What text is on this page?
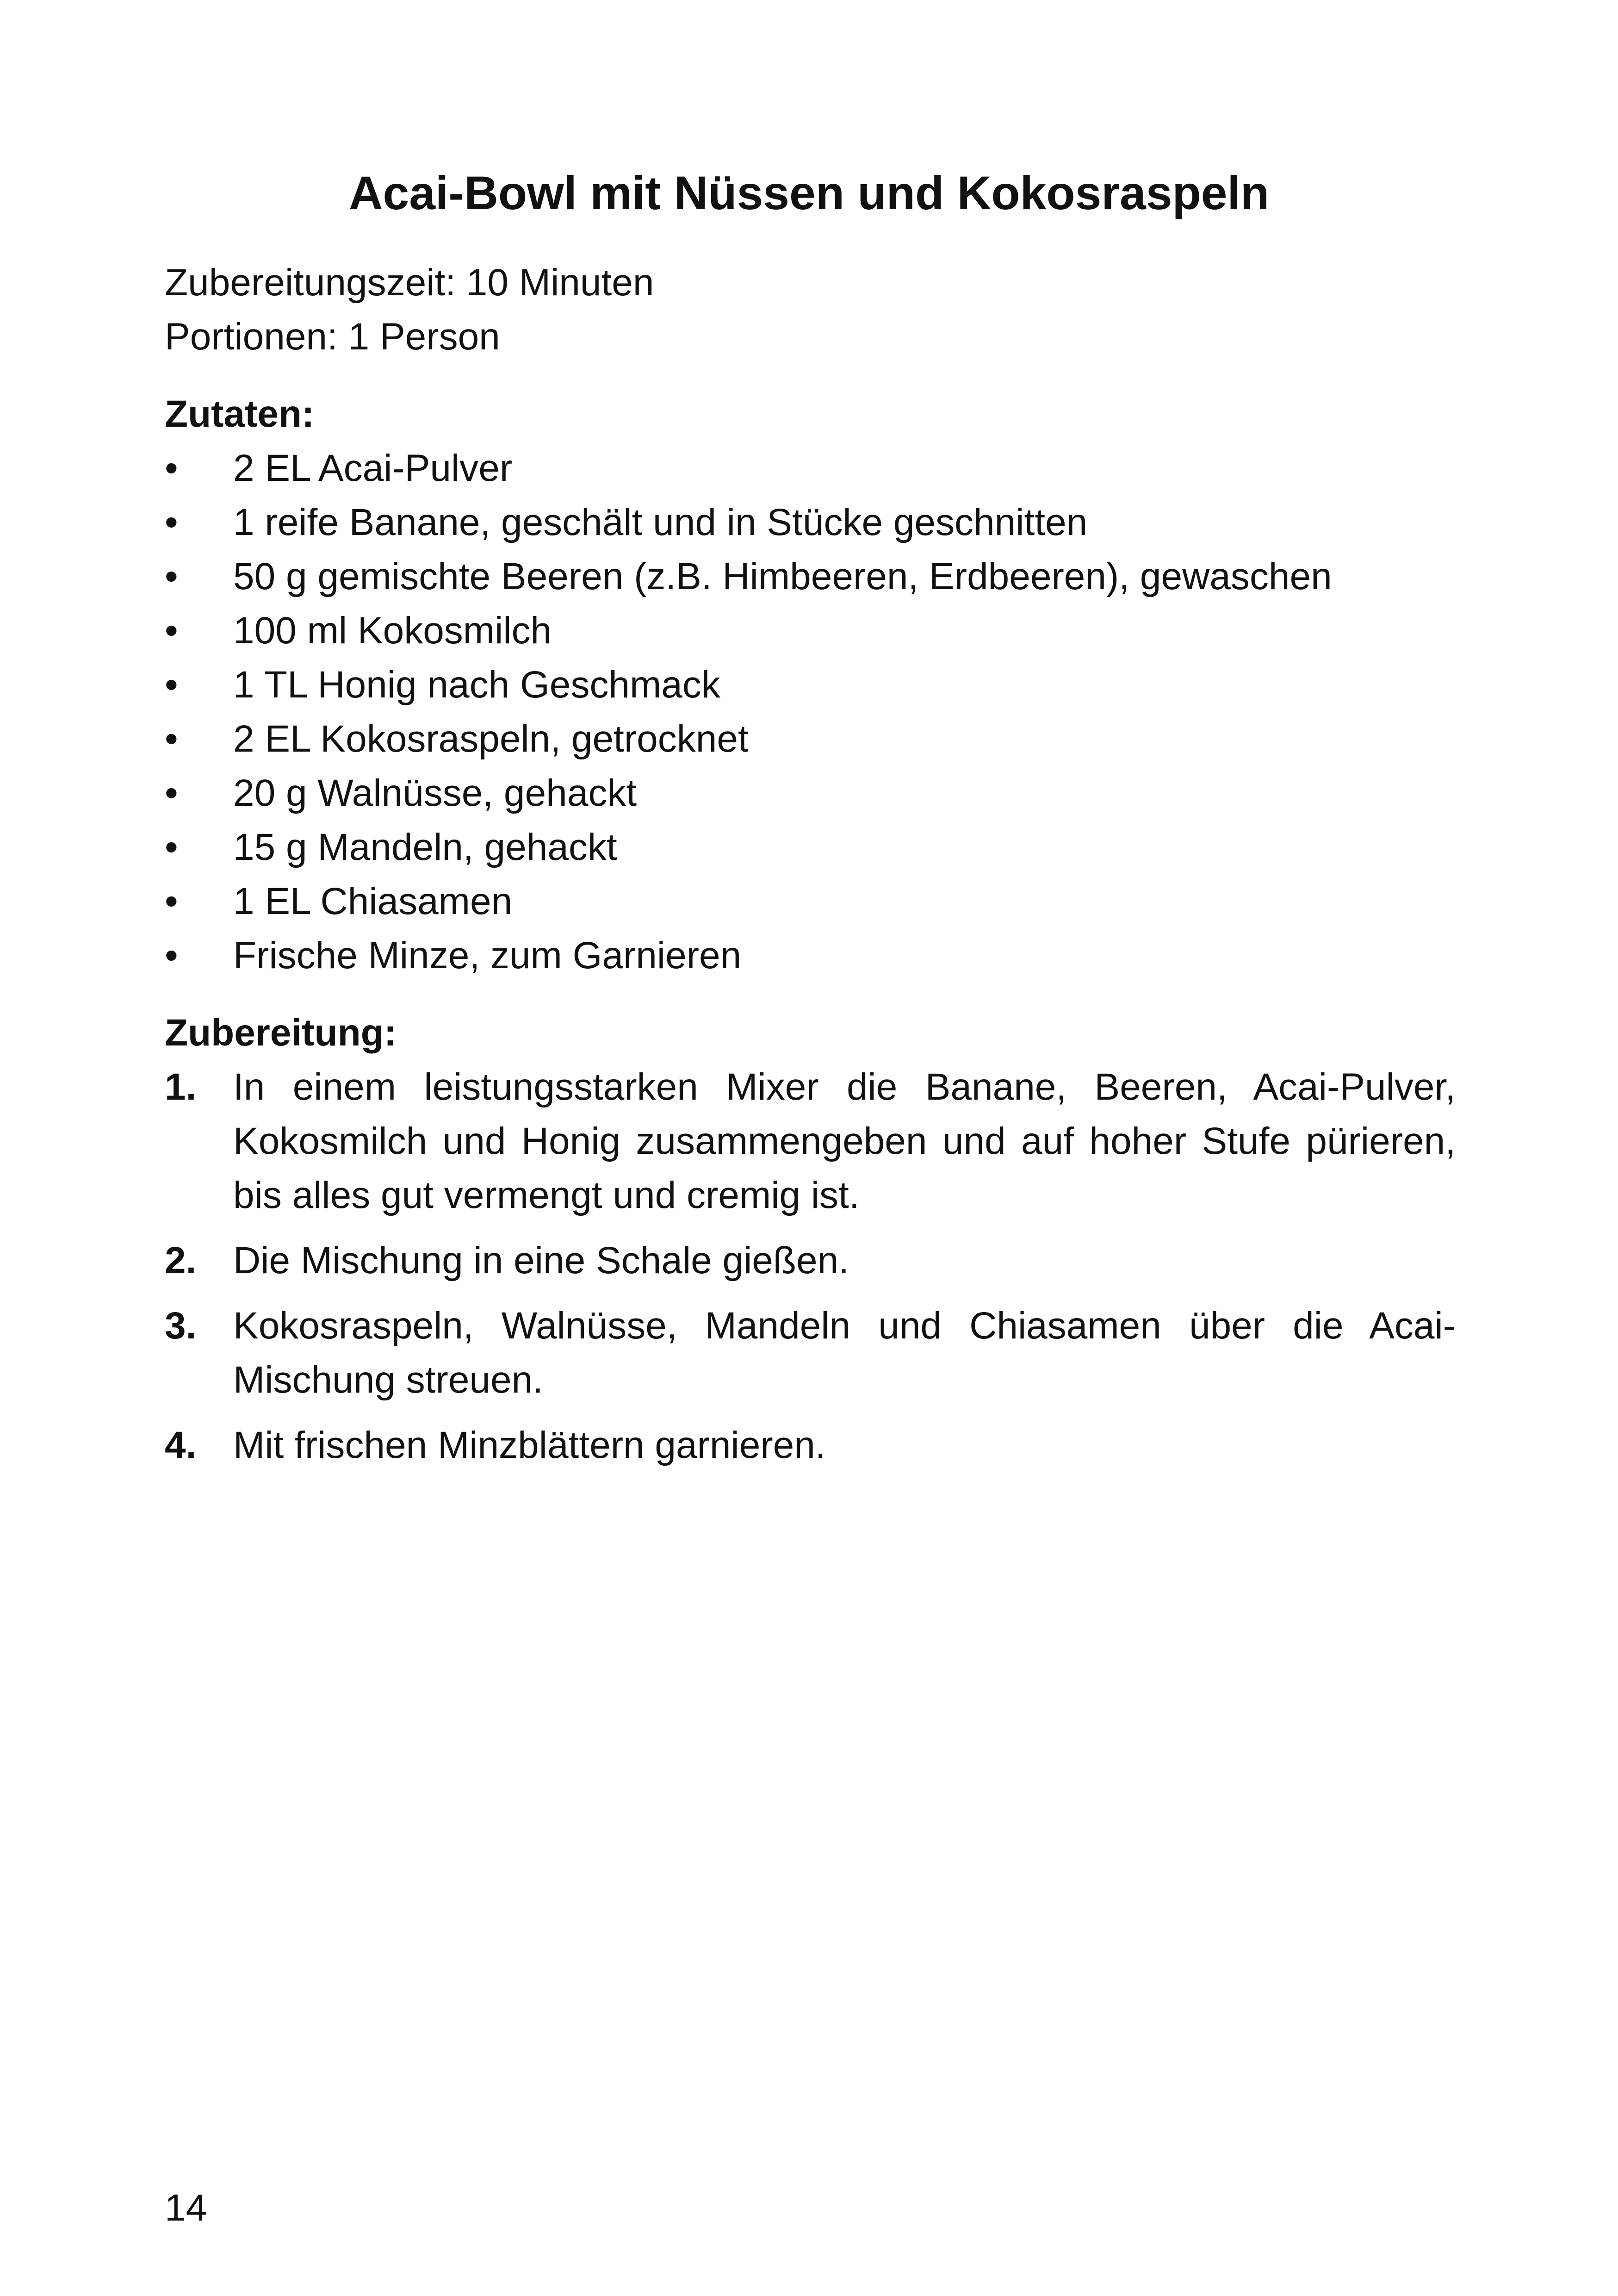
Acai-Bowl mit Nüssen und Kokosraspeln
Zubereitungszeit: 10 Minuten
Portionen: 1 Person
Zutaten:
•	2 EL Acai-Pulver
•	1 reife Banane, geschält und in Stücke geschnitten
•	50 g gemischte Beeren (z.B. Himbeeren, Erdbeeren), gewaschen
•	100 ml Kokosmilch
•	1 TL Honig nach Geschmack
•	2 EL Kokosraspeln, getrocknet
•	20 g Walnüsse, gehackt
•	15 g Mandeln, gehackt
•	1 EL Chiasamen
•	Frische Minze, zum Garnieren
Zubereitung:
1. In einem leistungsstarken Mixer die Banane, Beeren, Acai-Pulver, Kokosmilch und Honig zusammengeben und auf hoher Stufe pürieren, bis alles gut vermengt und cremig ist.
2. Die Mischung in eine Schale gießen.
3. Kokosraspeln, Walnüsse, Mandeln und Chiasamen über die Acai-Mischung streuen.
4. Mit frischen Minzblättern garnieren.
14
